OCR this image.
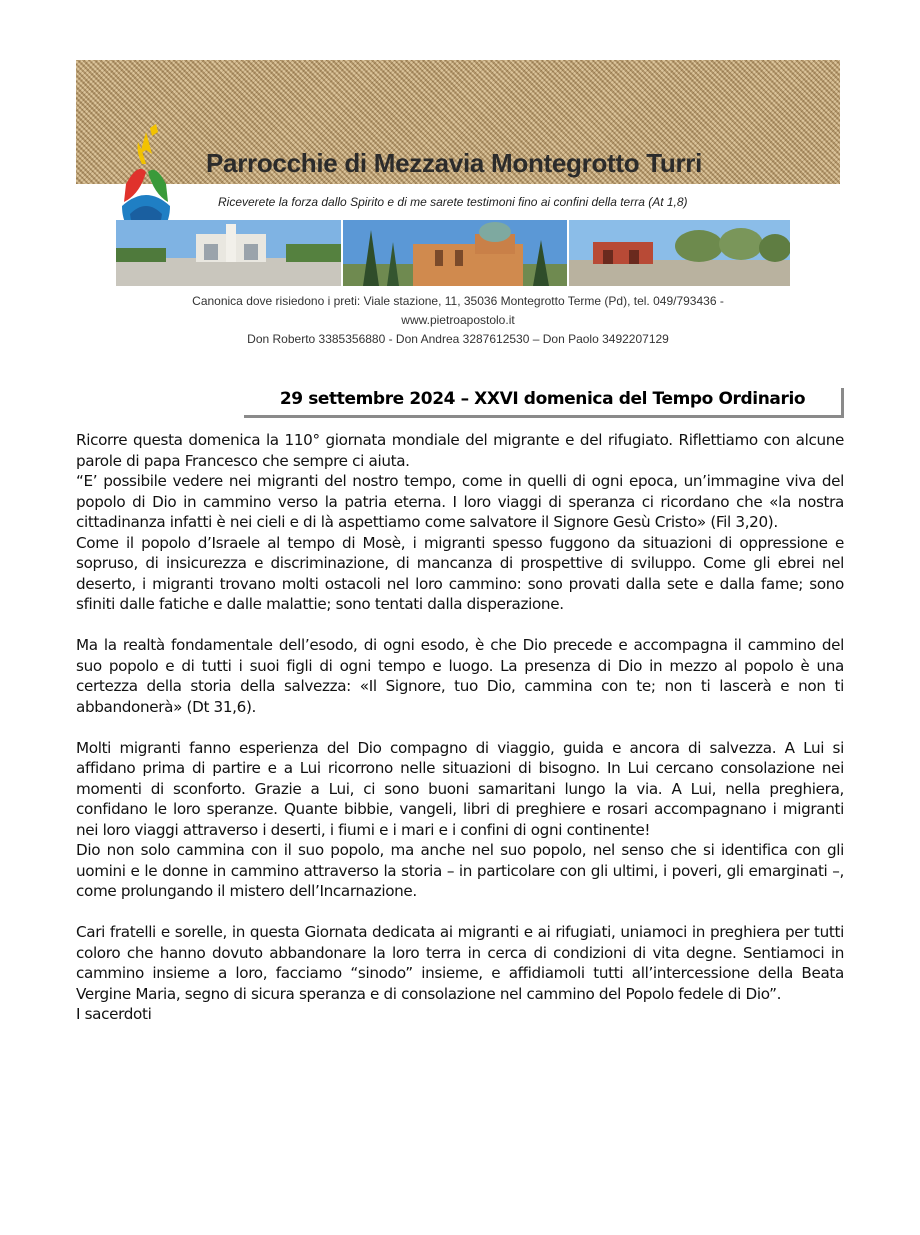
Parrocchie di Mezzavia Montegrotto Turri
Riceverete la forza dallo Spirito e di me sarete testimoni fino ai confini della terra (At 1,8)
Canonica dove risiedono i preti: Viale stazione, 11, 35036 Montegrotto Terme (Pd), tel. 049/793436 -
www.pietroapostolo.it
Don Roberto 3385356880 - Don Andrea 3287612530 – Don Paolo 3492207129
29 settembre 2024 – XXVI domenica del Tempo Ordinario

Ricorre questa domenica la 110° giornata mondiale del migrante e del rifugiato. Riflettiamo con alcune parole di papa Francesco che sempre ci aiuta.

“E’ possibile vedere nei migranti del nostro tempo, come in quelli di ogni epoca, un’immagine viva del popolo di Dio in cammino verso la patria eterna. I loro viaggi di speranza ci ricordano che «la nostra cittadinanza infatti è nei cieli e di là aspettiamo come salvatore il Signore Gesù Cristo» (Fil 3,20).

Come il popolo d’Israele al tempo di Mosè, i migranti spesso fuggono da situazioni di oppressione e sopruso, di insicurezza e discriminazione, di mancanza di prospettive di sviluppo. Come gli ebrei nel deserto, i migranti trovano molti ostacoli nel loro cammino: sono provati dalla sete e dalla fame; sono sfiniti dalle fatiche e dalle malattie; sono tentati dalla disperazione.

Ma la realtà fondamentale dell’esodo, di ogni esodo, è che Dio precede e accompagna il cammino del suo popolo e di tutti i suoi figli di ogni tempo e luogo. La presenza di Dio in mezzo al popolo è una certezza della storia della salvezza: «Il Signore, tuo Dio, cammina con te; non ti lascerà e non ti abbandonerà» (Dt 31,6).

Molti migranti fanno esperienza del Dio compagno di viaggio, guida e ancora di salvezza. A Lui si affidano prima di partire e a Lui ricorrono nelle situazioni di bisogno. In Lui cercano consolazione nei momenti di sconforto. Grazie a Lui, ci sono buoni samaritani lungo la via. A Lui, nella preghiera, confidano le loro speranze. Quante bibbie, vangeli, libri di preghiere e rosari accompagnano i migranti nei loro viaggi attraverso i deserti, i fiumi e i mari e i confini di ogni continente!

Dio non solo cammina con il suo popolo, ma anche nel suo popolo, nel senso che si identifica con gli uomini e le donne in cammino attraverso la storia – in particolare con gli ultimi, i poveri, gli emarginati –, come prolungando il mistero dell’Incarnazione.

Cari fratelli e sorelle, in questa Giornata dedicata ai migranti e ai rifugiati, uniamoci in preghiera per tutti coloro che hanno dovuto abbandonare la loro terra in cerca di condizioni di vita degne. Sentiamoci in cammino insieme a loro, facciamo “sinodo” insieme, e affidiamoli tutti all’intercessione della Beata Vergine Maria, segno di sicura speranza e di consolazione nel cammino del Popolo fedele di Dio”.

I sacerdoti
